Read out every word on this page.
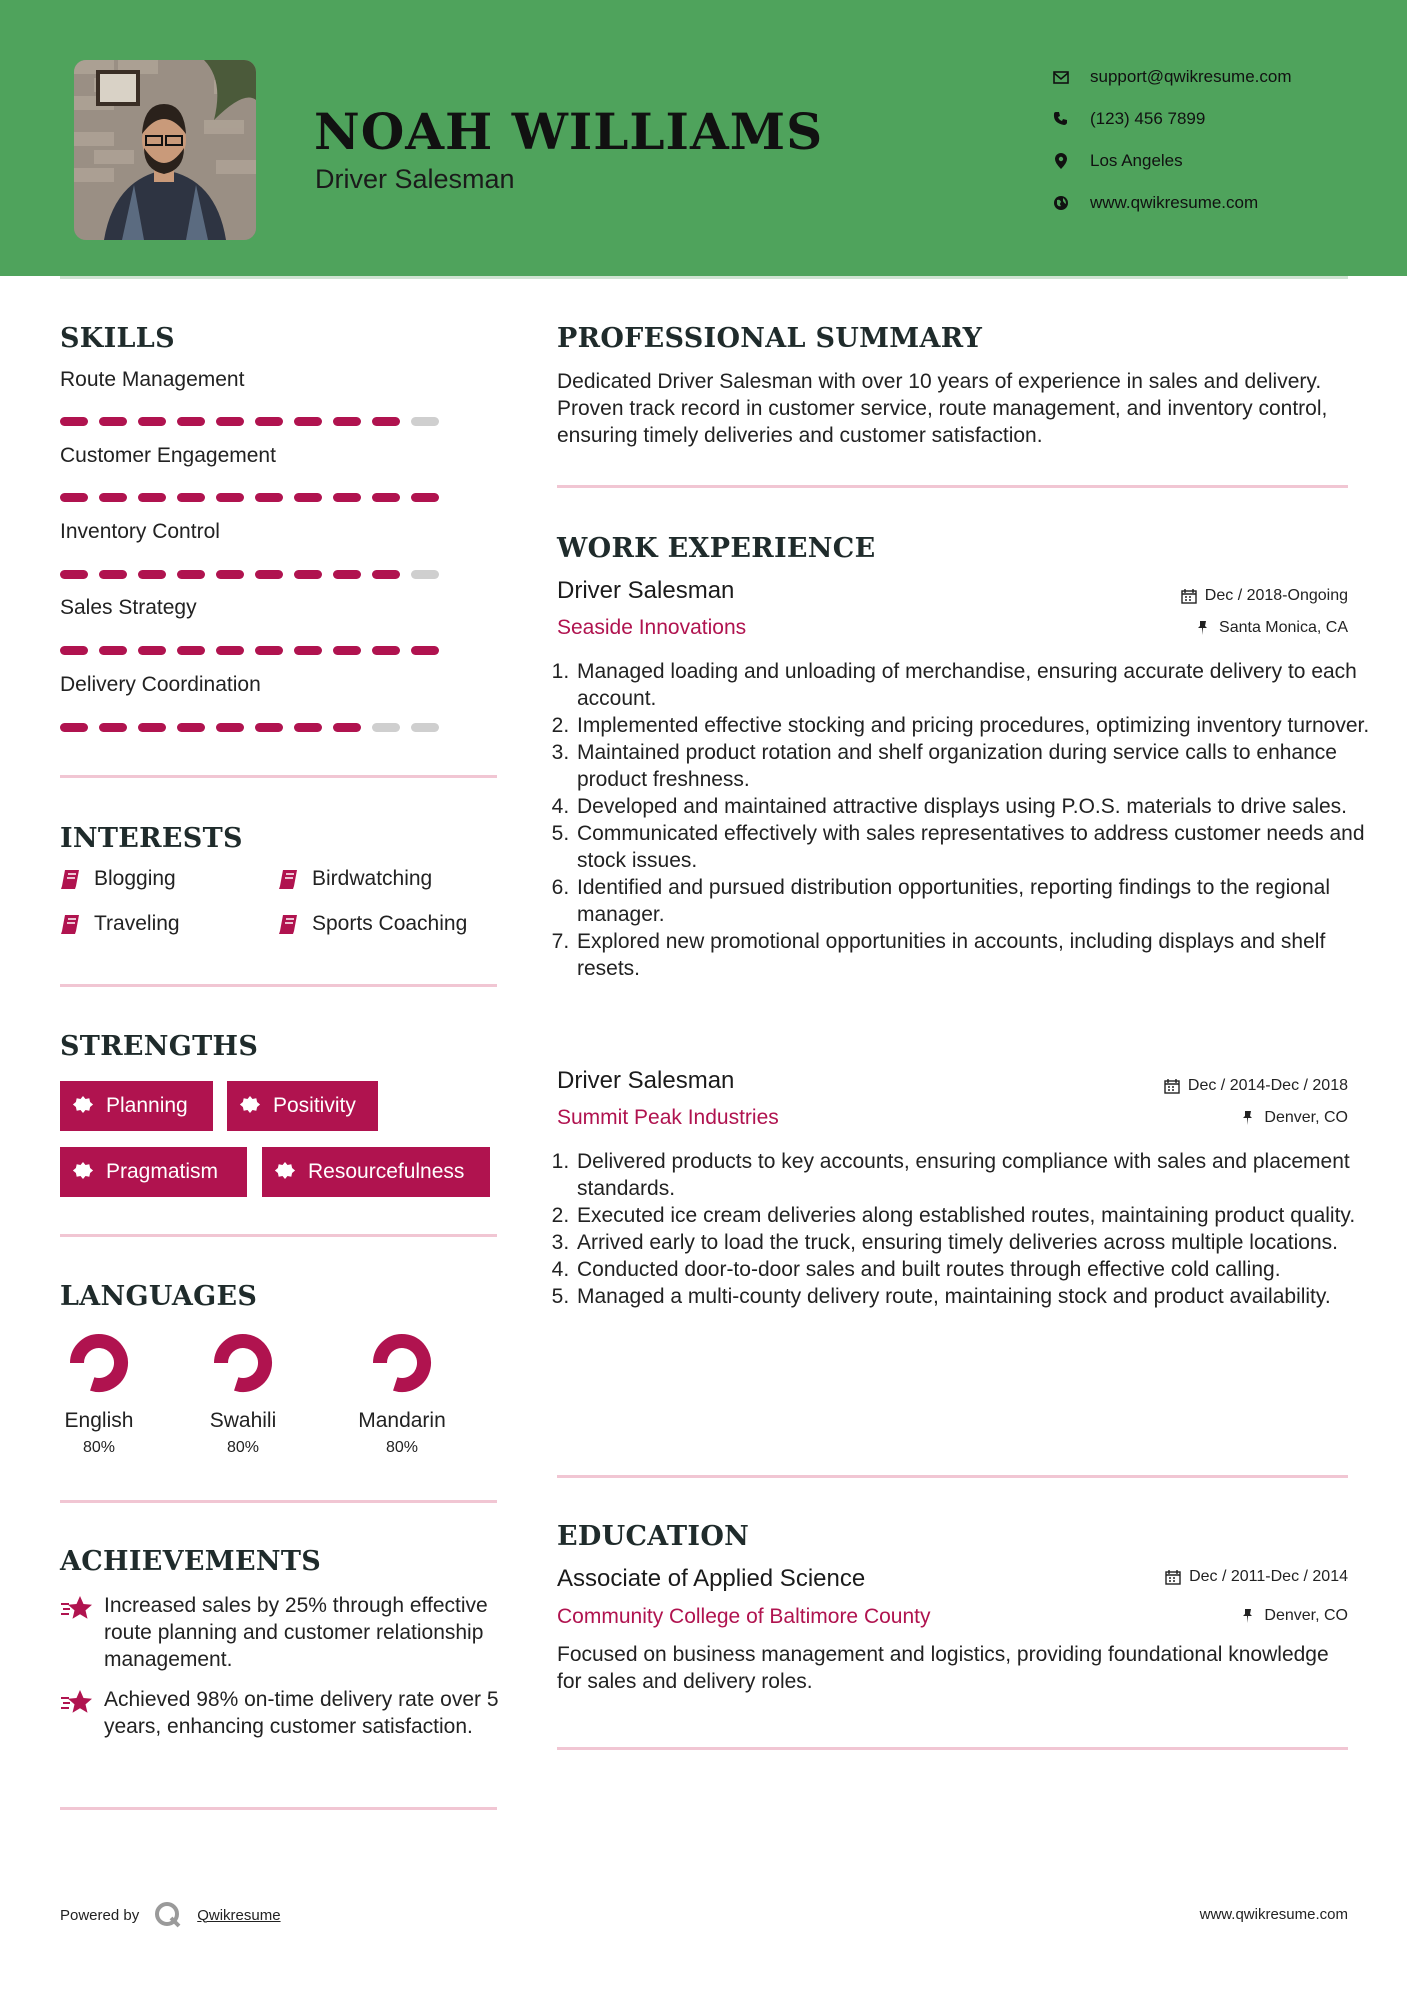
NOAH WILLIAMS
Driver Salesman
support@qwikresume.com
(123) 456 7899
Los Angeles
www.qwikresume.com
SKILLS
Route Management
Customer Engagement
Inventory Control
Sales Strategy
Delivery Coordination
INTERESTS
Blogging	Birdwatching
Traveling	Sports Coaching
STRENGTHS
Planning	Positivity
Pragmatism	Resourcefulness
LANGUAGES
English
80%
Swahili
80%
Mandarin
80%
ACHIEVEMENTS
Increased sales by 25% through effective route planning and customer relationship management.
Achieved 98% on-time delivery rate over 5 years, enhancing customer satisfaction.
PROFESSIONAL SUMMARY
Dedicated Driver Salesman with over 10 years of experience in sales and delivery. Proven track record in customer service, route management, and inventory control, ensuring timely deliveries and customer satisfaction.
WORK EXPERIENCE
Driver Salesman	Dec / 2018-Ongoing
Seaside Innovations	Santa Monica, CA
1. Managed loading and unloading of merchandise, ensuring accurate delivery to each account.
2. Implemented effective stocking and pricing procedures, optimizing inventory turnover.
3. Maintained product rotation and shelf organization during service calls to enhance product freshness.
4. Developed and maintained attractive displays using P.O.S. materials to drive sales.
5. Communicated effectively with sales representatives to address customer needs and stock issues.
6. Identified and pursued distribution opportunities, reporting findings to the regional manager.
7. Explored new promotional opportunities in accounts, including displays and shelf resets.
Driver Salesman	Dec / 2014-Dec / 2018
Summit Peak Industries	Denver, CO
1. Delivered products to key accounts, ensuring compliance with sales and placement standards.
2. Executed ice cream deliveries along established routes, maintaining product quality.
3. Arrived early to load the truck, ensuring timely deliveries across multiple locations.
4. Conducted door-to-door sales and built routes through effective cold calling.
5. Managed a multi-county delivery route, maintaining stock and product availability.
EDUCATION
Associate of Applied Science	Dec / 2011-Dec / 2014
Community College of Baltimore County	Denver, CO
Focused on business management and logistics, providing foundational knowledge for sales and delivery roles.
Powered by	Qwikresume	www.qwikresume.com
